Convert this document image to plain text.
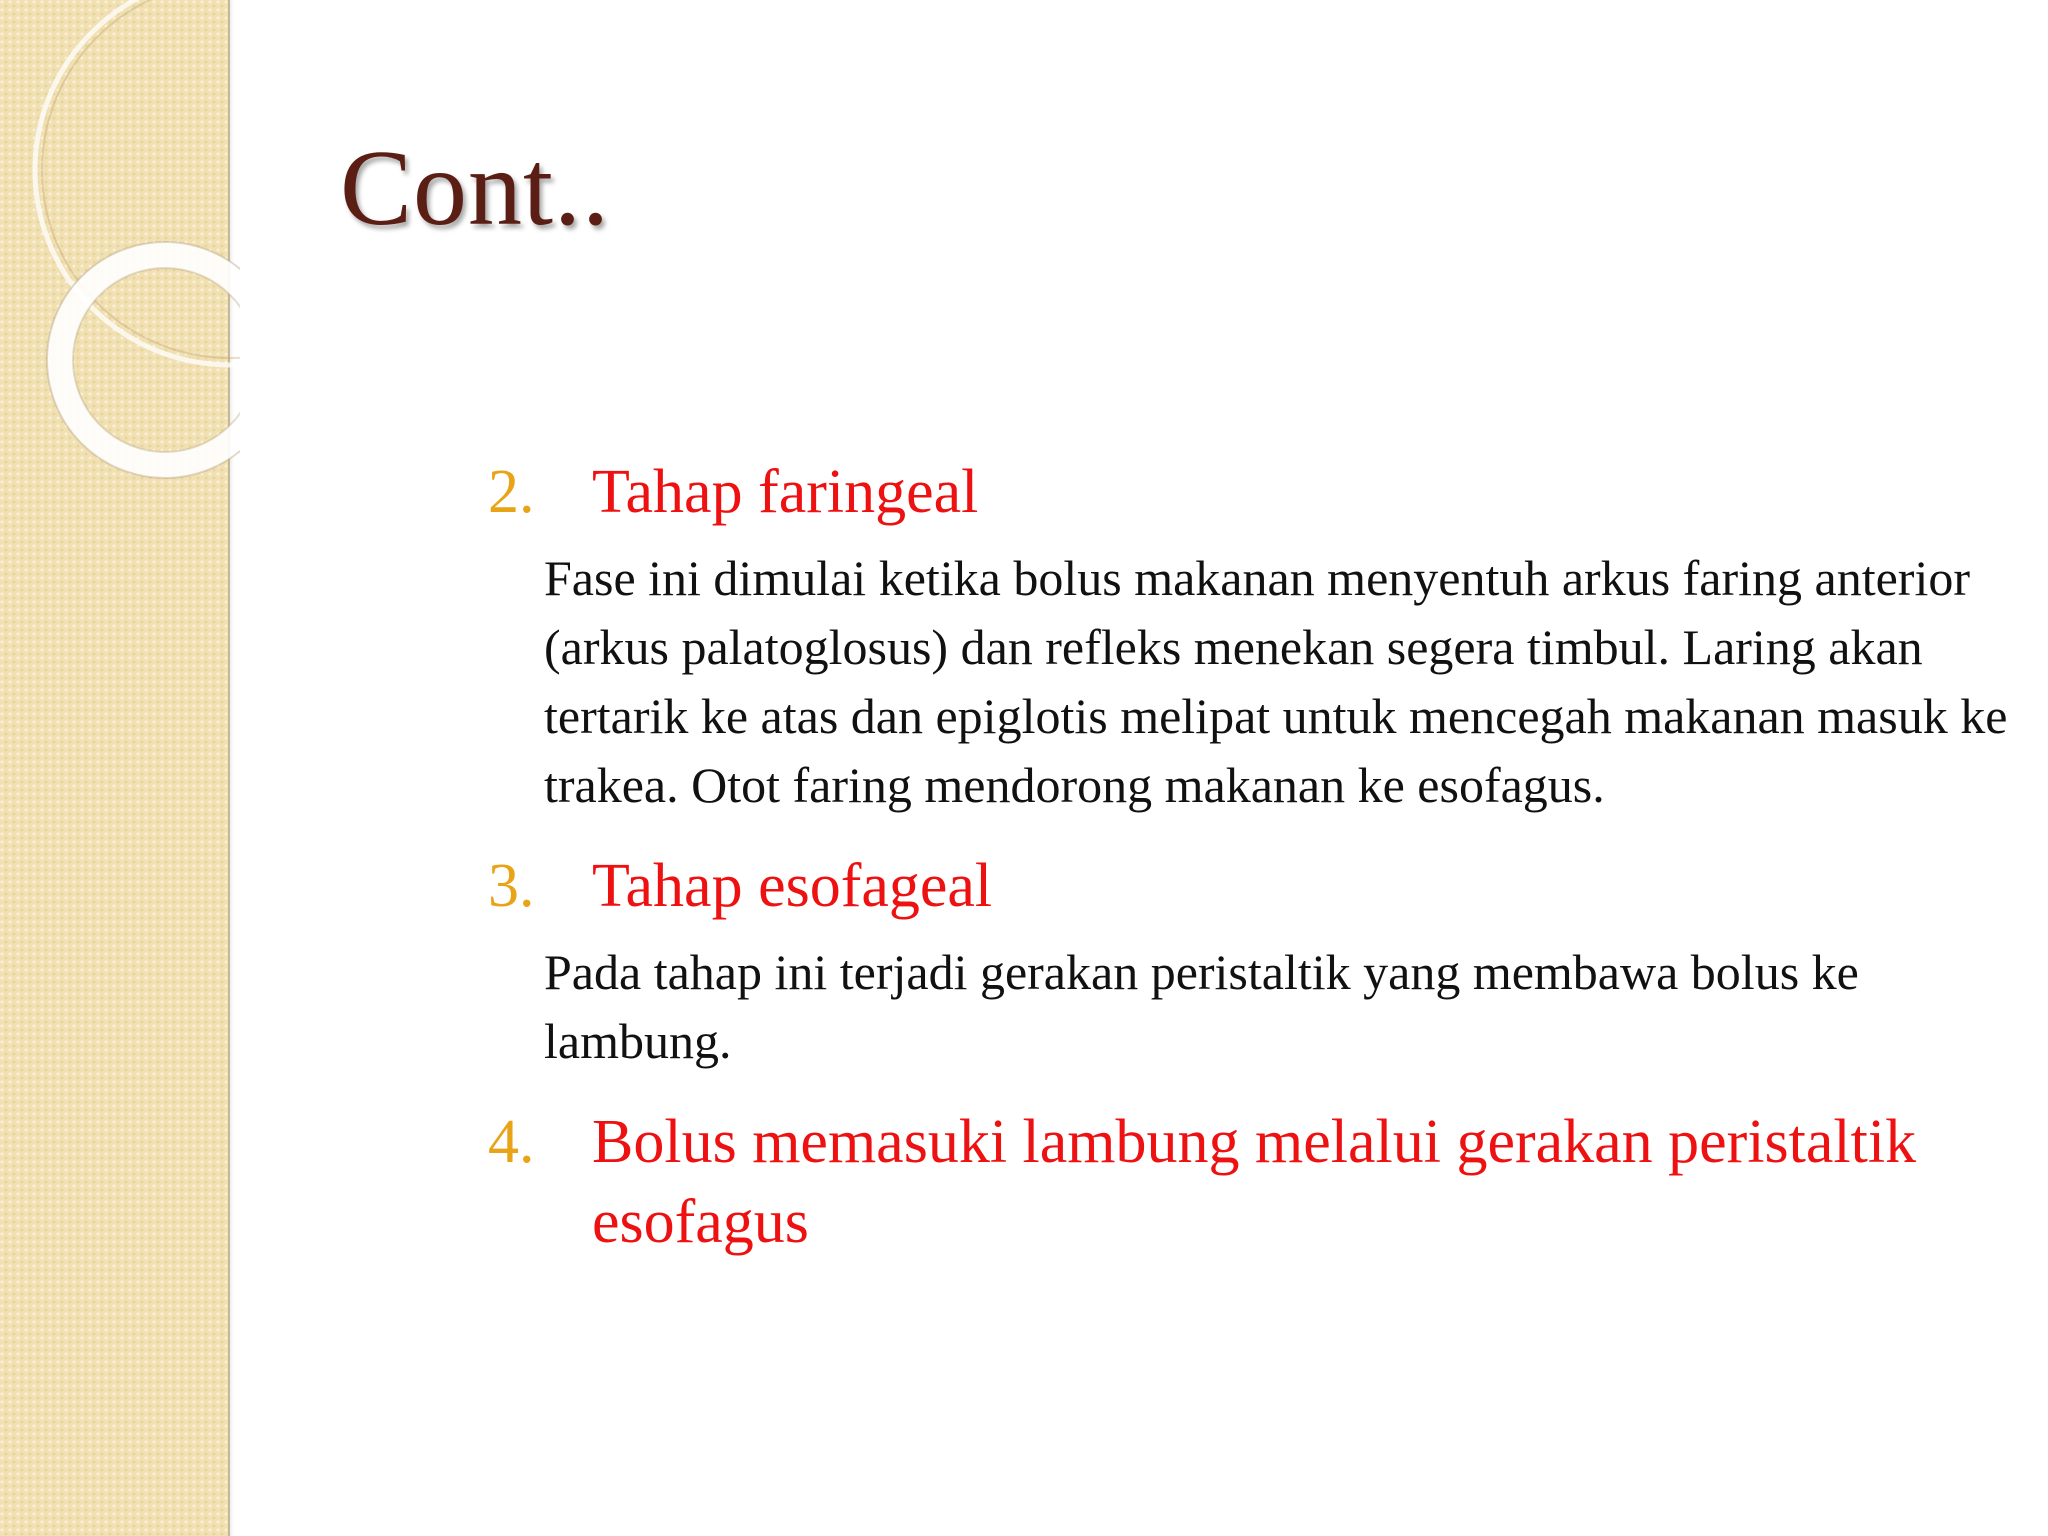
Cont..
2. Tahap faringeal
Fase ini dimulai ketika bolus makanan menyentuh arkus faring anterior (arkus palatoglosus) dan refleks menekan segera timbul. Laring akan tertarik ke atas dan epiglotis melipat untuk mencegah makanan masuk ke trakea. Otot faring mendorong makanan ke esofagus.
3. Tahap esofageal
Pada tahap ini terjadi gerakan peristaltik yang membawa bolus ke lambung.
4. Bolus memasuki lambung melalui gerakan peristaltik esofagus
